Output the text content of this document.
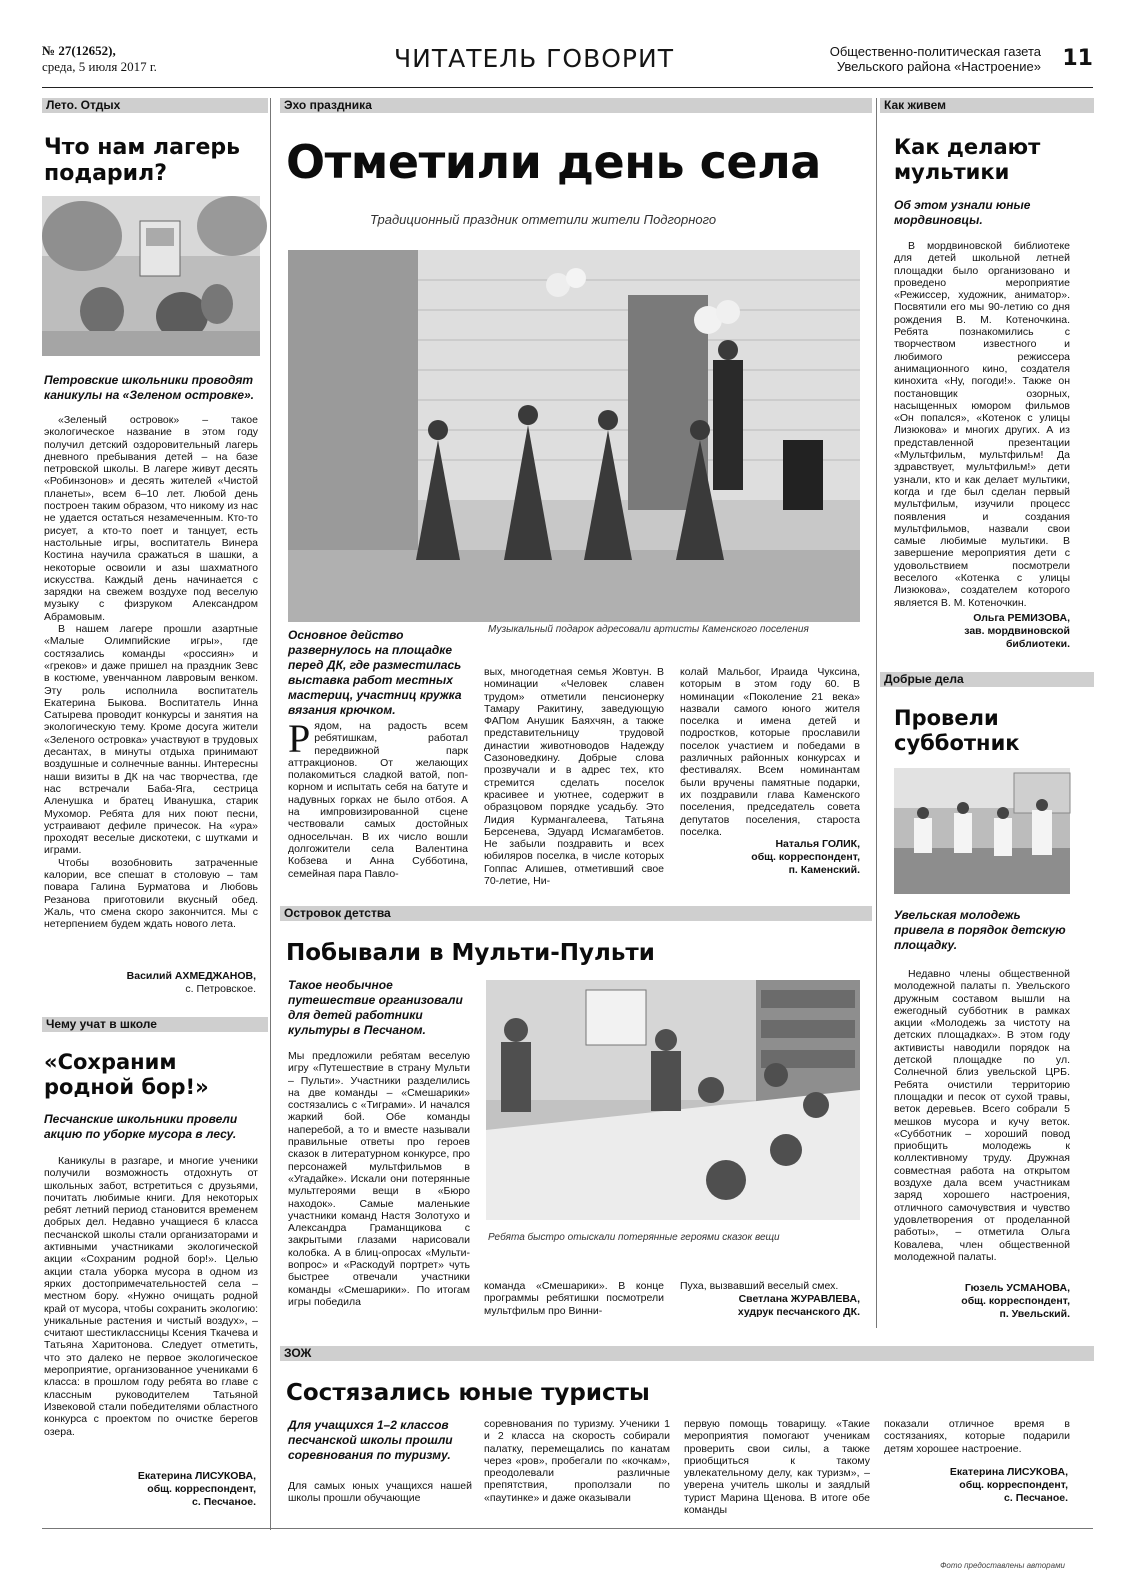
№ 27(12652),
среда, 5 июля 2017 г.	ЧИТАТЕЛЬ ГОВОРИТ	Общественно-политическая газета
Увельского района «Настроение» 11
Лето. Отдых
Что нам лагерь подарил?
Петровские школьники проводят каникулы на «Зеленом островке».

«Зеленый островок» – такое экологическое название в этом году получил детский оздоровительный лагерь дневного пребывания детей – на базе петровской школы. В лагере живут десять «Робинзонов» и десять жителей «Чистой планеты», всем 6–10 лет. Любой день построен таким образом, что никому из нас не удается остаться незамеченным. Кто-то рисует, а кто-то поет и танцует, есть настольные игры, воспитатель Винера Костина научила сражаться в шашки, а некоторые освоили и азы шахматного искусства. Каждый день начинается с зарядки на свежем воздухе под веселую музыку с физруком Александром Абрамовым.

В нашем лагере прошли азартные «Малые Олимпийские игры», где состязались команды «россиян» и «греков» и даже пришел на праздник Зевс в костюме, увенчанном лавровым венком. Эту роль исполнила воспитатель Екатерина Быкова. Воспитатель Инна Сатырева проводит конкурсы и занятия на экологическую тему. Кроме досуга жители «Зеленого островка» участвуют в трудовых десантах, в минуты отдыха принимают воздушные и солнечные ванны. Интересны наши визиты в ДК на час творчества, где нас встречали Баба-Яга, сестрица Аленушка и братец Иванушка, старик Мухомор. Ребята для них поют песни, устраивают дефиле причесок. На «ура» проходят веселые дискотеки, с шутками и играми.

Чтобы возобновить затраченные калории, все спешат в столовую – там повара Галина Бурматова и Любовь Резанова приготовили вкусный обед. Жаль, что смена скоро закончится. Мы с нетерпением будем ждать нового лета.

Василий АХМЕДЖАНОВ,
с. Петровское.
Чему учат в школе
«Сохраним родной бор!»
Песчанские школьники провели акцию по уборке мусора в лесу.

Каникулы в разгаре, и многие ученики получили возможность отдохнуть от школьных забот, встретиться с друзьями, почитать любимые книги. Для некоторых ребят летний период становится временем добрых дел. Недавно учащиеся 6 класса песчанской школы стали организаторами и активными участниками экологической акции «Сохраним родной бор!». Целью акции стала уборка мусора в одном из ярких достопримечательностей села – местном бору. «Нужно очищать родной край от мусора, чтобы сохранить экологию: уникальные растения и чистый воздух», – считают шестиклассницы Ксения Ткачева и Татьяна Харитонова. Следует отметить, что это далеко не первое экологическое мероприятие, организованное учениками 6 класса: в прошлом году ребята во главе с классным руководителем Татьяной Извековой стали победителями областного конкурса с проектом по очистке берегов озера.

Екатерина ЛИСУКОВА,
общ. корреспондент,
с. Песчаное.
Эхо праздника
Отметили день села
Традиционный праздник отметили жители Подгорного
Музыкальный подарок адресовали артисты Каменского поселения
Основное действо развернулось на площадке перед ДК, где разместилась выставка работ местных мастериц, участниц кружка вязания крючком.
Рядом, на радость всем ребятишкам, работал передвижной парк аттракционов. От желающих полакомиться сладкой ватой, поп-корном и испытать себя на батуте и надувных горках не было отбоя. А на импровизированной сцене чествовали самых достойных односельчан. В их число вошли долгожители села Валентина Кобзева и Анна Субботина, семейная пара Павло-
вых, многодетная семья Жовтун. В номинации «Человек славен трудом» отметили пенсионерку Тамару Ракитину, заведующую ФАПом Анушик Баяхчян, а также представительницу трудовой династии животноводов Надежду Сазоноведкину. Добрые слова прозвучали и в адрес тех, кто стремится сделать поселок красивее и уютнее, содержит в образцовом порядке усадьбу. Это Лидия Курмангалеева, Татьяна Берсенева, Эдуард Исмагамбетов. Не забыли поздравить и всех юбиляров поселка, в числе которых Гоппас Алишев, отметивший свое 70-летие, Ни-
колай Мальбог, Ираида Чуксина, которым в этом году 60. В номинации «Поколение 21 века» назвали самого юного жителя поселка и имена детей и подростков, которые прославили поселок участием и победами в различных районных конкурсах и фестивалях. Всем номинантам были вручены памятные подарки, их поздравили глава Каменского поселения, председатель совета депутатов поселения, староста поселка.
Наталья ГОЛИК,
общ. корреспондент,
п. Каменский.
Островок детства
Побывали в Мульти-Пульти
Такое необычное путешествие организовали для детей работники культуры в Песчаном.
Мы предложили ребятам веселую игру «Путешествие в страну Мульти – Пульти». Участники разделились на две команды – «Смешарики» состязались с «Тиграми». И начался жаркий бой. Обе команды наперебой, а то и вместе называли правильные ответы про героев сказок в литературном конкурсе, про персонажей мультфильмов в «Угадайке». Искали они потерянные мультгероями вещи в «Бюро находок». Самые маленькие участники команд Настя Золотухо и Александра Граманщикова с закрытыми глазами нарисовали колобка. А в блиц-опросах «Мульти-вопрос» и «Раскодуй портрет» чуть быстрее отвечали участники команды «Смешарики». По итогам игры победила
Ребята быстро отыскали потерянные героями сказок вещи
команда «Смешарики». В конце программы ребятишки посмотрели мультфильм про Винни-
Пуха, вызвавший веселый смех.
Светлана ЖУРАВЛЕВА,
худрук песчанского ДК.
ЗОЖ
Состязались юные туристы
Для учащихся 1–2 классов песчанской школы прошли соревнования по туризму.
Для самых юных учащихся нашей школы прошли обучающие
соревнования по туризму. Ученики 1 и 2 класса на скорость собирали палатку, перемещались по канатам через «ров», пробегали по «кочкам», преодолевали различные препятствия, проползали по «паутинке» и даже оказывали
первую помощь товарищу. «Такие мероприятия помогают ученикам проверить свои силы, а также приобщиться к такому увлекательному делу, как туризм», – уверена учитель школы и заядлый турист Марина Щенова. В итоге обе команды
показали отличное время в состязаниях, которые подарили детям хорошее настроение.
Екатерина ЛИСУКОВА,
общ. корреспондент,
с. Песчаное.
Как живем
Как делают мультики
Об этом узнали юные мордвиновцы.

В мордвиновской библиотеке для детей школьной летней площадки было организовано и проведено мероприятие «Режиссер, художник, аниматор». Посвятили его мы 90-летию со дня рождения В. М. Котеночкина. Ребята познакомились с творчеством известного и любимого режиссера анимационного кино, создателя кинохита «Ну, погоди!». Также он постановщик озорных, насыщенных юмором фильмов «Он попался», «Котенок с улицы Лизюкова» и многих других. А из представленной презентации «Мультфильм, мультфильм! Да здравствует, мультфильм!» дети узнали, кто и как делает мультики, когда и где был сделан первый мультфильм, изучили процесс появления и создания мультфильмов, назвали свои самые любимые мультики. В завершение мероприятия дети с удовольствием посмотрели веселого «Котенка с улицы Лизюкова», создателем которого является В. М. Котеночкин.

Ольга РЕМИЗОВА,
зав. мордвиновской
библиотеки.
Добрые дела
Провели субботник
Увельская молодежь привела в порядок детскую площадку.

Недавно члены общественной молодежной палаты п. Увельского дружным составом вышли на ежегодный субботник в рамках акции «Молодежь за чистоту на детских площадках». В этом году активисты наводили порядок на детской площадке по ул. Солнечной близ увельской ЦРБ. Ребята очистили территорию площадки и песок от сухой травы, веток деревьев. Всего собрали 5 мешков мусора и кучу веток. «Субботник – хороший повод приобщить молодежь к коллективному труду. Дружная совместная работа на открытом воздухе дала всем участникам заряд хорошего настроения, отличного самочувствия и чувство удовлетворения от проделанной работы», – отметила Ольга Ковалева, член общественной молодежной палаты.

Гюзель УСМАНОВА,
общ. корреспондент,
п. Увельский.
Фото предоставлены авторами
